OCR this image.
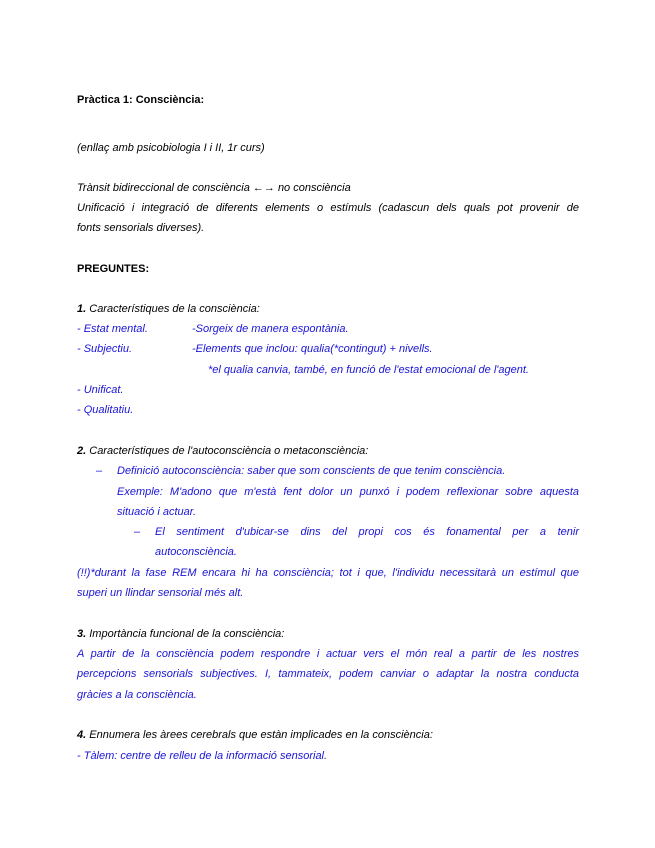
Pràctica 1: Consciència:
(enllaç amb psicobiologia I i II, 1r curs)
Trànsit bidireccional de consciència ←→ no consciència
Unificació i integració de diferents elements o estímuls (cadascun dels quals pot provenir de
fonts sensorials diverses).
PREGUNTES:
1. Característiques de la consciència:
- Estat mental.	-Sorgeix de manera espontània.
- Subjectiu.	-Elements que inclou: qualia(*contingut) + nivells.
*el qualia canvia, també, en funció de l'estat emocional de l'agent.
- Unificat.
- Qualitatiu.
2. Característiques de l'autoconsciència o metaconsciència:
– Definició autoconsciència: saber que som conscients de que tenim consciència.
Exemple: M'adono que m'està fent dolor un punxó i podem reflexionar sobre aquesta
situació i actuar.
– El sentiment d'ubicar-se dins del propi cos és fonamental per a tenir
autoconsciència.
(!!)*durant la fase REM encara hi ha consciència; tot i que, l'individu necessitarà un estímul que
superi un llindar sensorial més alt.
3. Importància funcional de la consciència:
A partir de la consciència podem respondre i actuar vers el món real a partir de les nostres
percepcions sensorials subjectives. I, tammateix, podem canviar o adaptar la nostra conducta
gràcies a la consciència.
4. Ennumera les àrees cerebrals que estàn implicades en la consciència:
- Tàlem: centre de relleu de la informació sensorial.
